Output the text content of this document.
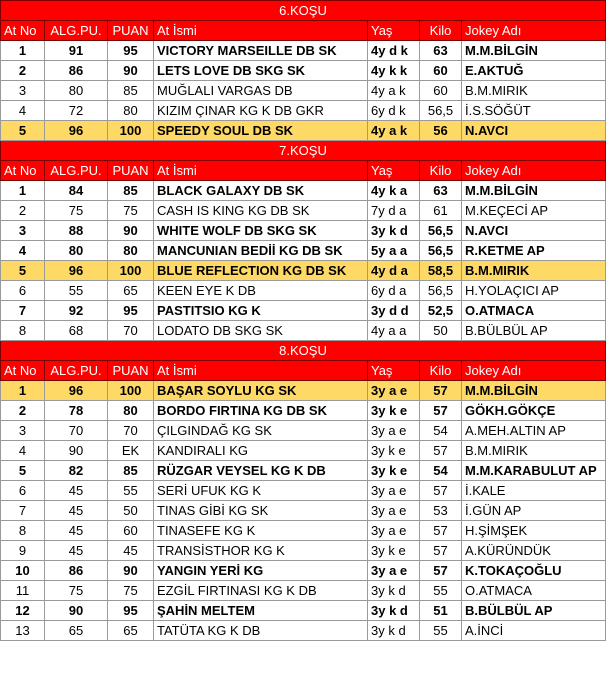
6.KOŞU						
At No	ALG.PU.	PUAN	At İsmi	Yaş	Kilo	Jokey Adı
1	91	95	VICTORY MARSEILLE DB SK	4y d k	63	M.M.BİLGİN
2	86	90	LETS LOVE DB SKG SK	4y k k	60	E.AKTUĞ
3	80	85	MUĞLALI VARGAS DB	4y a k	60	B.M.MIRIK
4	72	80	KIZIM ÇINAR KG K DB GKR	6y d k	56,5	İ.S.SÖĞÜT
5	96	100	SPEEDY SOUL DB SK	4y a k	56	N.AVCI
7.KOŞU						
At No	ALG.PU.	PUAN	At İsmi	Yaş	Kilo	Jokey Adı
1	84	85	BLACK GALAXY DB SK	4y k a	63	M.M.BİLGİN
2	75	75	CASH IS KING KG DB SK	7y d a	61	M.KEÇECİ AP
3	88	90	WHITE WOLF DB SKG SK	3y k d	56,5	N.AVCI
4	80	80	MANCUNIAN BEDİİ KG DB SK	5y a a	56,5	R.KETME AP
5	96	100	BLUE REFLECTION KG DB SK	4y d a	58,5	B.M.MIRIK
6	55	65	KEEN EYE K DB	6y d a	56,5	H.YOLAÇICI AP
7	92	95	PASTITSIO KG K	3y d d	52,5	O.ATMACA
8	68	70	LODATO DB SKG SK	4y a a	50	B.BÜLBÜL AP
8.KOŞU						
At No	ALG.PU.	PUAN	At İsmi	Yaş	Kilo	Jokey Adı
1	96	100	BAŞAR SOYLU KG SK	3y a e	57	M.M.BİLGİN
2	78	80	BORDO FIRTINA KG DB SK	3y k e	57	GÖKH.GÖKÇE
3	70	70	ÇILGINDAĞ KG SK	3y a e	54	A.MEH.ALTIN AP
4	90	EK	KANDIRALI KG	3y k e	57	B.M.MIRIK
5	82	85	RÜZGAR VEYSEL KG K DB	3y k e	54	M.M.KARABULUT AP
6	45	55	SERİ UFUK KG K	3y a e	57	İ.KALE
7	45	50	TINAS GİBİ KG SK	3y a e	53	İ.GÜN AP
8	45	60	TINASEFE KG K	3y a e	57	H.ŞİMŞEK
9	45	45	TRANSİSTHOR KG K	3y k e	57	A.KÜRÜNDÜK
10	86	90	YANGIN YERİ KG	3y a e	57	K.TOKAÇOĞLU
11	75	75	EZGİL FIRTINASI KG K DB	3y k d	55	O.ATMACA
12	90	95	ŞAHİN MELTEM	3y k d	51	B.BÜLBÜL AP
13	65	65	TATÜTA KG K DB	3y k d	55	A.İNCİ
